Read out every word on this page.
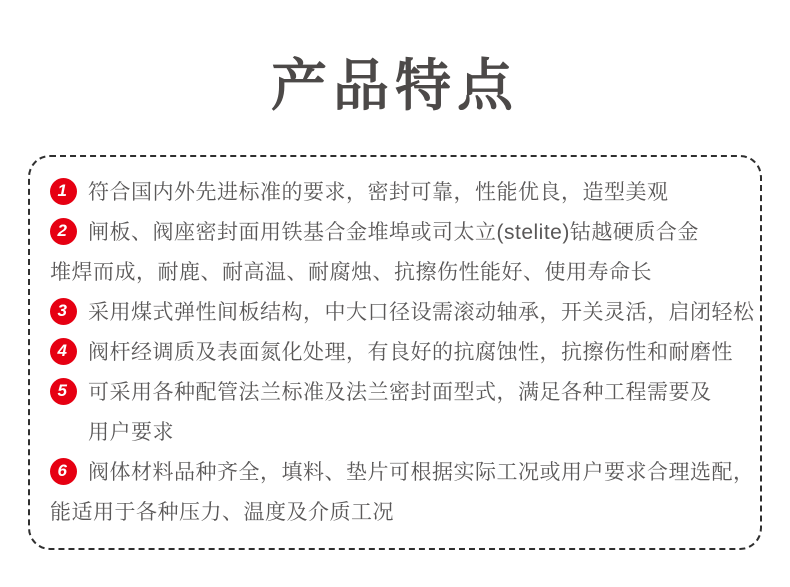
产品特点
1 符合国内外先进标准的要求，密封可靠，性能优良，造型美观
2 闸板、阀座密封面用铁基合金堆埠或司太立(stelite)钴越硬质合金
堆焊而成，耐鹿、耐高温、耐腐烛、抗擦伤性能好、使用寿命长
3 采用煤式弹性间板结构，中大口径设需滚动轴承，开关灵活，启闭轻松
4 阀杆经调质及表面氮化处理，有良好的抗腐蚀性，抗擦伤性和耐磨性
5 可采用各种配管法兰标准及法兰密封面型式，满足各种工程需要及
用户要求
6 阀体材料品种齐全，填料、垫片可根据实际工况或用户要求合理选配，
能适用于各种压力、温度及介质工况
